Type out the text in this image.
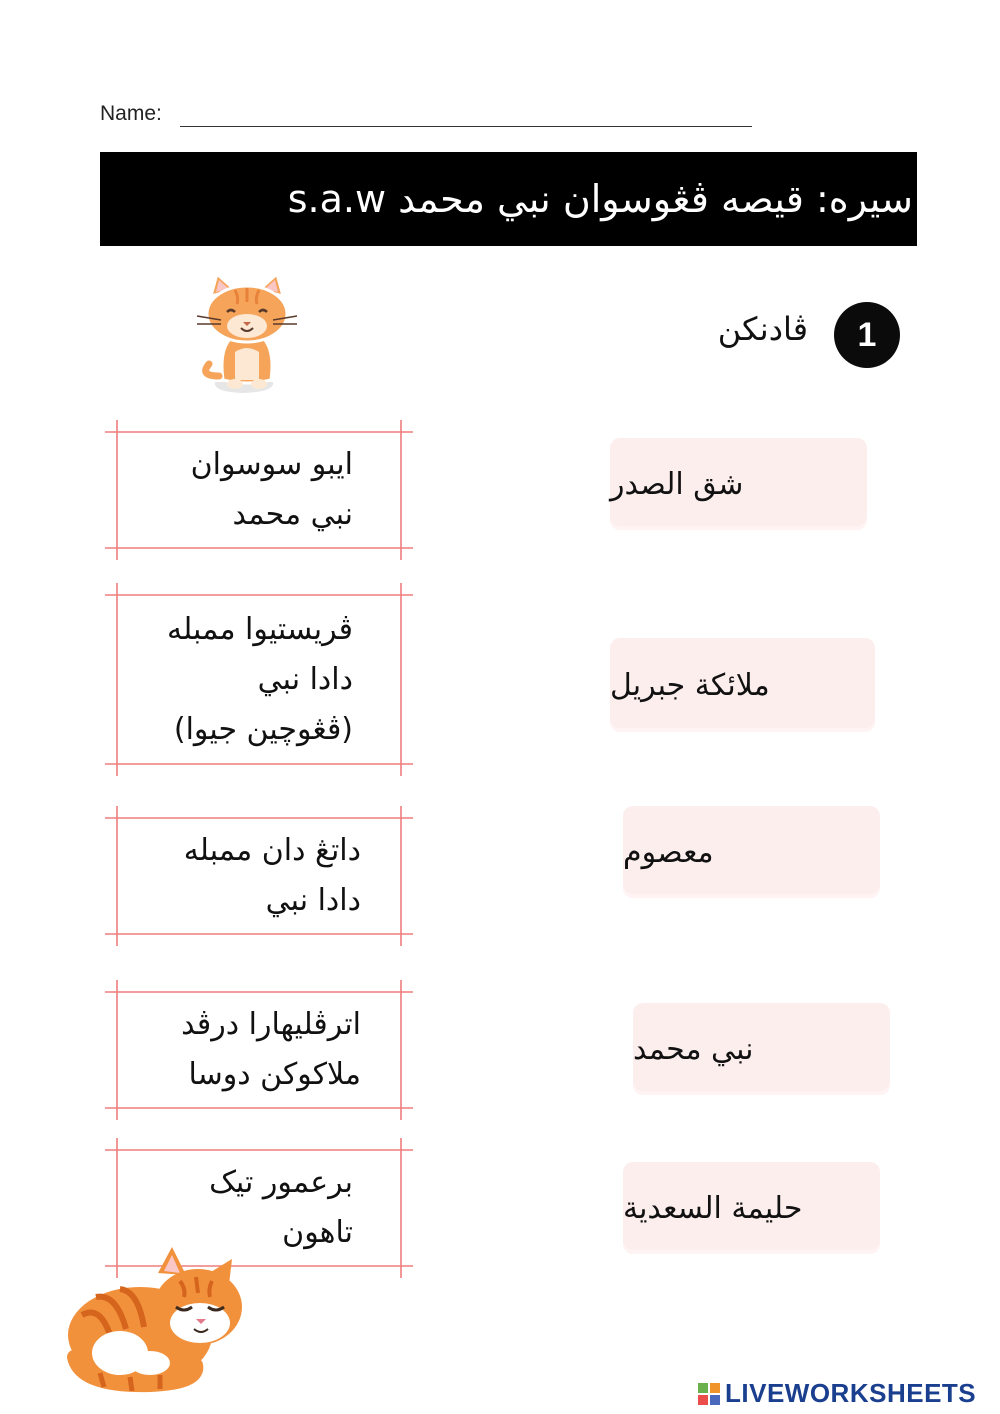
Name:
سيره: قيصه ڤڠوسوان نبي محمد s.a.w
ڤادنكن	1
ايبو سوسوان
نبي محمد
ڤريستيوا ممبله
دادا نبي
(ڤڠوچين جيوا)
داتڠ دان ممبله
دادا نبي
اترڤليهارا درڤد
ملاكوكن دوسا
برعمور تيک
تاهون
شق الصدر
ملائكة جبريل
معصوم
نبي محمد
حليمة السعدية
LIVEWORKSHEETS
